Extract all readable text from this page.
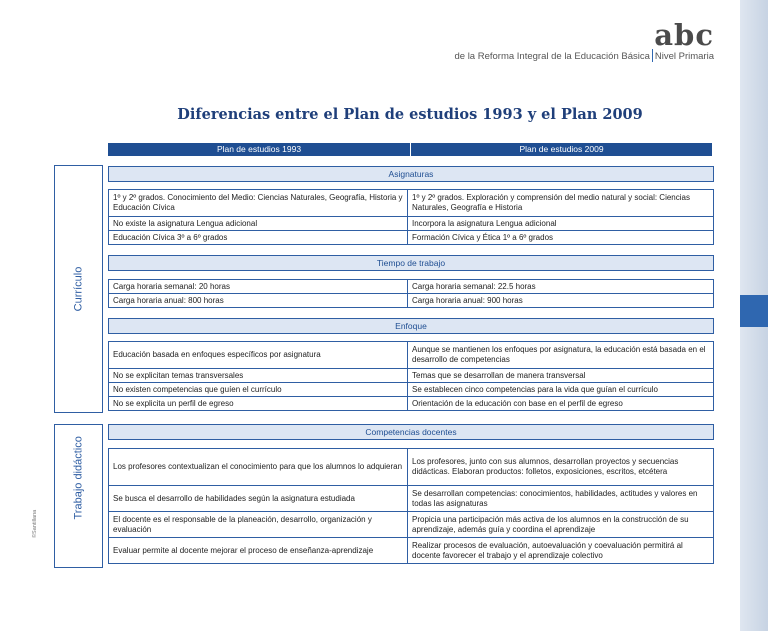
abc
de la Reforma Integral de la Educación Básica Nivel Primaria
Diferencias entre el Plan de estudios 1993 y el Plan 2009
Plan de estudios 1993	Plan de estudios 2009
Currículo
Trabajo didáctico
Asignaturas
1º y 2º grados. Conocimiento del Medio: Ciencias Naturales, Geografía, Historia y Educación Cívica	1º y 2º grados. Exploración y comprensión del medio natural y social: Ciencias Naturales, Geografía e Historia
No existe la asignatura Lengua adicional	Incorpora la asignatura Lengua adicional
Educación Cívica 3º a 6º grados	Formación Cívica y Ética 1º a 6º grados
Tiempo de trabajo
Carga horaria semanal: 20 horas	Carga horaria semanal: 22.5 horas
Carga horaria anual: 800 horas	Carga horaria anual: 900 horas
Enfoque
Educación basada en enfoques específicos por asignatura	Aunque se mantienen los enfoques por asignatura, la educación está basada en el desarrollo de competencias
No se explicitan temas transversales	Temas que se desarrollan de manera transversal
No existen competencias que guíen el currículo	Se establecen cinco competencias para la vida que guían el currículo
No se explicita un perfil de egreso	Orientación de la educación con base en el perfil de egreso
Competencias docentes
Los profesores contextualizan el conocimiento para que los alumnos lo adquieran	Los profesores, junto con sus alumnos, desarrollan proyectos y secuencias didácticas. Elaboran productos: folletos, exposiciones, escritos, etcétera
Se busca el desarrollo de habilidades según la asignatura estudiada	Se desarrollan competencias: conocimientos, habilidades, actitudes y valores en todas las asignaturas
El docente es el responsable de la planeación, desarrollo, organización y evaluación	Propicia una participación más activa de los alumnos en la construcción de su aprendizaje, además guía y coordina el aprendizaje
Evaluar permite al docente mejorar el proceso de enseñanza-aprendizaje	Realizar procesos de evaluación, autoevaluación y coevaluación permitirá al docente favorecer el trabajo y el aprendizaje colectivo
©Santillana
